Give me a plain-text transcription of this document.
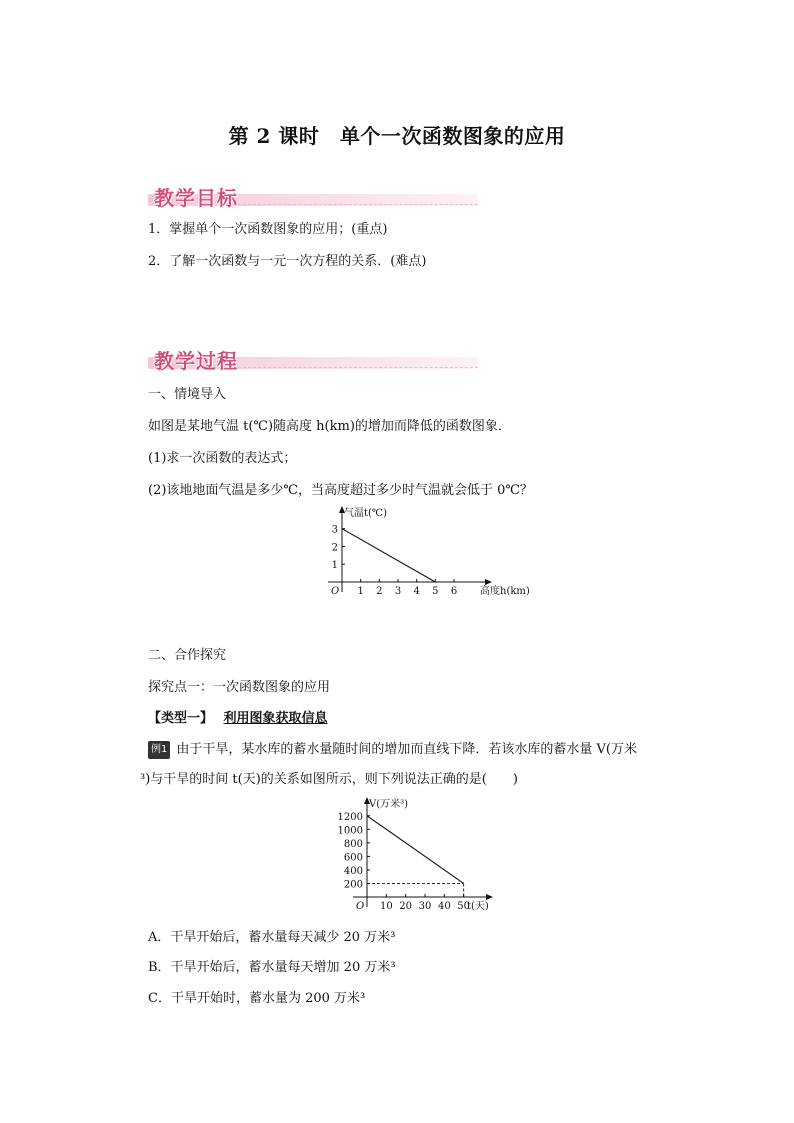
第 2 课时　单个一次函数图象的应用
教学目标
1．掌握单个一次函数图象的应用；(重点)
2．了解一次函数与一元一次方程的关系．(难点)
教学过程
一、情境导入
如图是某地气温 t(℃)随高度 h(km)的增加而降低的函数图象．
(1)求一次函数的表达式；
(2)该地地面气温是多少℃，当高度超过多少时气温就会低于 0℃？
O 1 2 3 4 5 6
1
2
3
高度h(km)
气温t(℃)
二、合作探究
探究点一：一次函数图象的应用
【类型一】 利用图象获取信息
例1 由于干旱，某水库的蓄水量随时间的增加而直线下降．若该水库的蓄水量 V(万米
³)与干旱的时间 t(天)的关系如图所示，则下列说法正确的是(　　)
O 10 20 30 40 50
200
400
600
800
1000
1200
t(天)
V(万米³)
A．干旱开始后，蓄水量每天减少 20 万米³
B．干旱开始后，蓄水量每天增加 20 万米³
C．干旱开始时，蓄水量为 200 万米³
